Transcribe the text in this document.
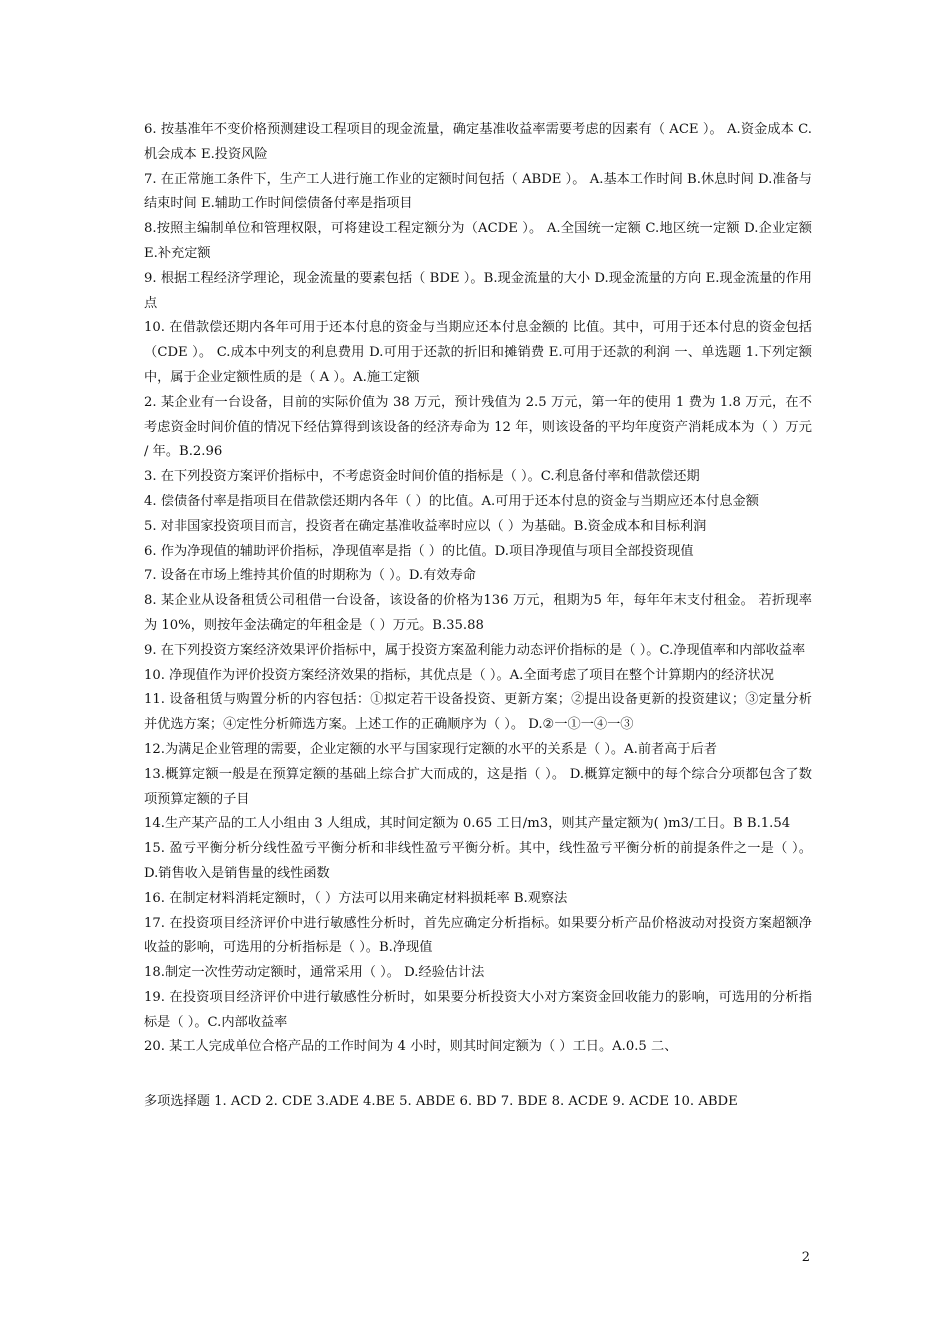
6. 按基准年不变价格预测建设工程项目的现金流量，确定基准收益率需要考虑的因素有（ ACE ）。 A.资金成本 C.机会成本 E.投资风险

7. 在正常施工条件下，生产工人进行施工作业的定额时间包括（ ABDE ）。 A.基本工作时间 B.休息时间 D.准备与结束时间 E.辅助工作时间偿债备付率是指项目

8.按照主编制单位和管理权限，可将建设工程定额分为（ACDE ）。 A.全国统一定额 C.地区统一定额 D.企业定额 E.补充定额

9. 根据工程经济学理论，现金流量的要素包括（ BDE ）。B.现金流量的大小 D.现金流量的方向 E.现金流量的作用点

10. 在借款偿还期内各年可用于还本付息的资金与当期应还本付息金额的 比值。其中，可用于还本付息的资金包括（CDE ）。 C.成本中列支的利息费用 D.可用于还款的折旧和摊销费 E.可用于还款的利润 一、单选题 1.下列定额中，属于企业定额性质的是（ A ）。A.施工定额

2. 某企业有一台设备，目前的实际价值为 38 万元，预计残值为 2.5 万元，第一年的使用 1 费为 1.8 万元，在不考虑资金时间价值的情况下经估算得到该设备的经济寿命为 12 年，则该设备的平均年度资产消耗成本为（ ）万元 / 年。B.2.96

3. 在下列投资方案评价指标中，不考虑资金时间价值的指标是（ ）。C.利息备付率和借款偿还期

4. 偿债备付率是指项目在借款偿还期内各年（ ）的比值。A.可用于还本付息的资金与当期应还本付息金额

5. 对非国家投资项目而言，投资者在确定基准收益率时应以（ ）为基础。B.资金成本和目标利润

6. 作为净现值的辅助评价指标，净现值率是指（ ）的比值。D.项目净现值与项目全部投资现值

7. 设备在市场上维持其价值的时期称为（ ）。D.有效寿命

8. 某企业从设备租赁公司租借一台设备，该设备的价格为136 万元，租期为5 年，每年年末支付租金。 若折现率为 10%，则按年金法确定的年租金是（ ）万元。B.35.88

9. 在下列投资方案经济效果评价指标中，属于投资方案盈利能力动态评价指标的是（ ）。C.净现值率和内部收益率

10. 净现值作为评价投资方案经济效果的指标，其优点是（ ）。A.全面考虑了项目在整个计算期内的经济状况

11. 设备租赁与购置分析的内容包括：①拟定若干设备投资、更新方案；②提出设备更新的投资建议；③定量分析并优选方案；④定性分析筛选方案。上述工作的正确顺序为（ ）。 D.②一①一④一③

12.为满足企业管理的需要，企业定额的水平与国家现行定额的水平的关系是（ ）。A.前者高于后者

13.概算定额一般是在预算定额的基础上综合扩大而成的，这是指（ ）。 D.概算定额中的每个综合分项都包含了数项预算定额的子目

14.生产某产品的工人小组由 3 人组成，其时间定额为 0.65 工日/m3，则其产量定额为( )m3/工日。B B.1.54

15. 盈亏平衡分析分线性盈亏平衡分析和非线性盈亏平衡分析。其中，线性盈亏平衡分析的前提条件之一是（ ）。 D.销售收入是销售量的线性函数

16. 在制定材料消耗定额时，（ ）方法可以用来确定材料损耗率 B.观察法

17. 在投资项目经济评价中进行敏感性分析时，首先应确定分析指标。如果要分析产品价格波动对投资方案超额净收益的影响，可选用的分析指标是（ ）。B.净现值

18.制定一次性劳动定额时，通常采用（ ）。 D.经验估计法

19. 在投资项目经济评价中进行敏感性分析时，如果要分析投资大小对方案资金回收能力的影响，可选用的分析指标是（ ）。C.内部收益率

20. 某工人完成单位合格产品的工作时间为 4 小时，则其时间定额为（ ）工日。A.0.5 二、

多项选择题 1. ACD 2. CDE 3.ADE 4.BE 5. ABDE 6. BD 7. BDE 8. ACDE 9. ACDE 10. ABDE

2
